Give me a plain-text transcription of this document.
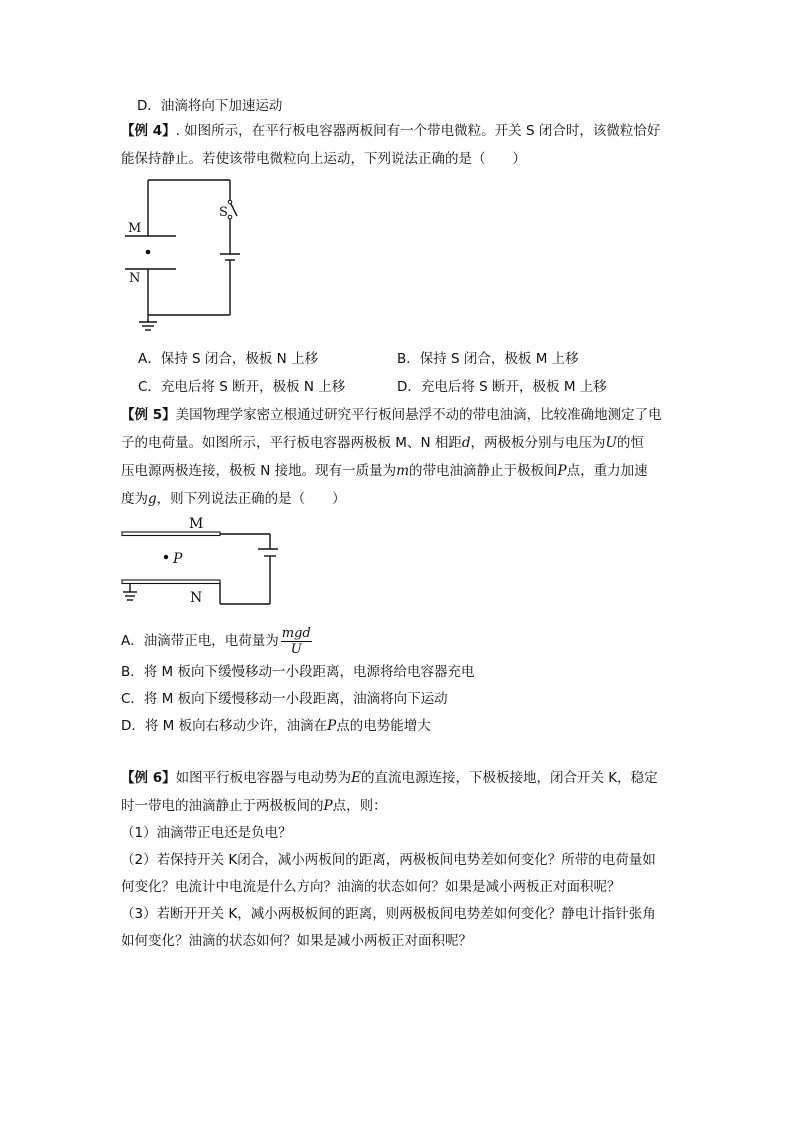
D．油滴将向下加速运动
【例 4】. 如图所示，在平行板电容器两板间有一个带电微粒。开关 S 闭合时，该微粒恰好
能保持静止。若使该带电微粒向上运动，下列说法正确的是（　　）
M
N
S
A．保持 S 闭合，极板 N 上移	B．保持 S 闭合，极板 M 上移
C．充电后将 S 断开，极板 N 上移	D．充电后将 S 断开，极板 M 上移
【例 5】美国物理学家密立根通过研究平行板间悬浮不动的带电油滴，比较准确地测定了电
子的电荷量。如图所示，平行板电容器两极板 M、N 相距d，两极板分别与电压为U的恒
压电源两极连接，极板 N 接地。现有一质量为m的带电油滴静止于极板间P点，重力加速
度为g，则下列说法正确的是（　　）
M
P
N
A．油滴带正电，电荷量为 $\frac{\text{mgd}}{U}$
B．将 M 板向下缓慢移动一小段距离，电源将给电容器充电
C．将 M 板向下缓慢移动一小段距离，油滴将向下运动
D．将 M 板向右移动少许，油滴在P点的电势能增大
【例 6】如图平行板电容器与电动势为E的直流电源连接，下极板接地，闭合开关 K，稳定
时一带电的油滴静止于两极板间的P点，则：
（1）油滴带正电还是负电？
（2）若保持开关 K闭合，减小两板间的距离，两极板间电势差如何变化？所带的电荷量如
何变化？电流计中电流是什么方向？油滴的状态如何？如果是减小两板正对面积呢？
（3）若断开开关 K，减小两极板间的距离，则两极板间电势差如何变化？静电计指针张角
如何变化？油滴的状态如何？如果是减小两板正对面积呢？
